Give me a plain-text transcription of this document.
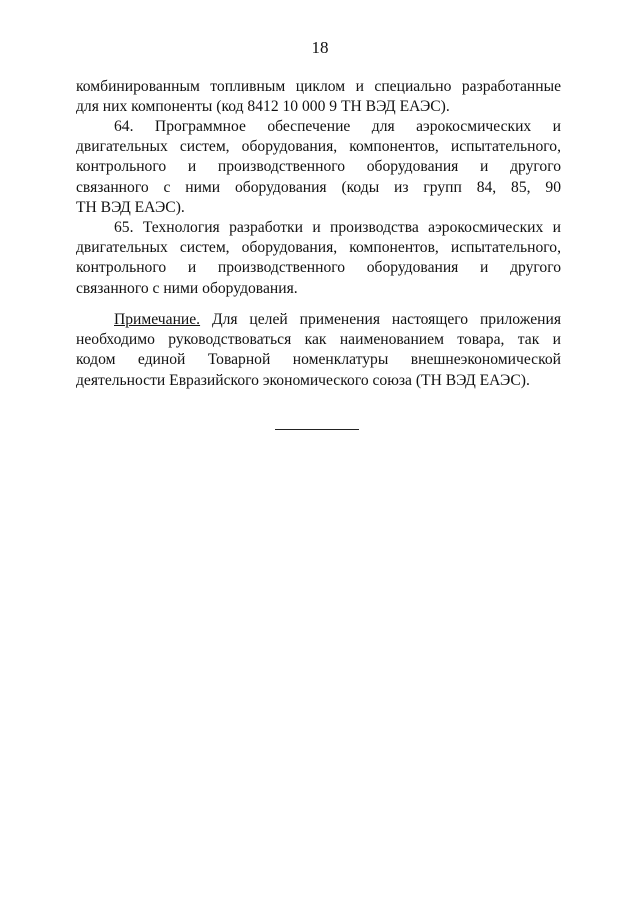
18
комбинированным топливным циклом и специально разработанные
для них компоненты (код 8412 10 000 9 ТН ВЭД ЕАЭС).
64. Программное обеспечение для аэрокосмических и
двигательных систем, оборудования, компонентов, испытательного,
контрольного и производственного оборудования и другого
связанного с ними оборудования (коды из групп 84, 85, 90
ТН ВЭД ЕАЭС).
65. Технология разработки и производства аэрокосмических и
двигательных систем, оборудования, компонентов, испытательного,
контрольного и производственного оборудования и другого
связанного с ними оборудования.
Примечание. Для целей применения настоящего приложения
необходимо руководствоваться как наименованием товара, так и
кодом единой Товарной номенклатуры внешнеэкономической
деятельности Евразийского экономического союза (ТН ВЭД ЕАЭС).
